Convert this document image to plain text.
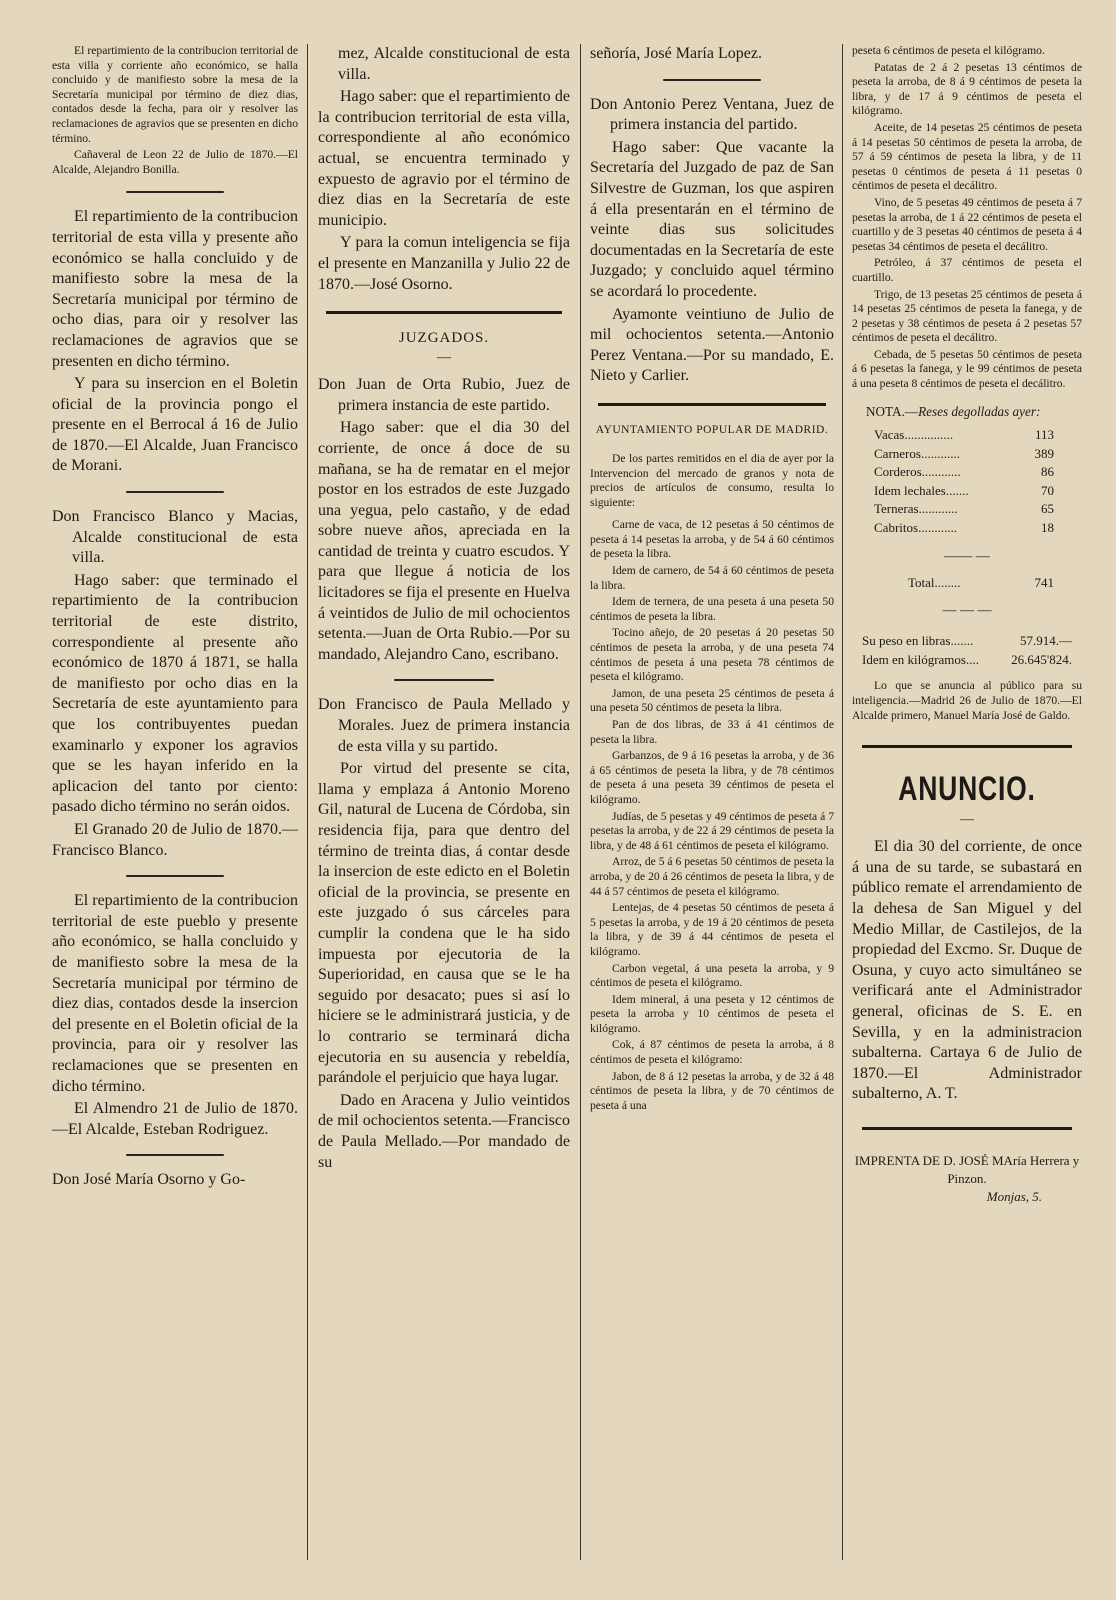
El repartimiento de la contribucion territorial de esta villa y corriente año económico, se halla concluido y de manifiesto sobre la mesa de la Secretaría municipal por término de diez dias, contados desde la fecha, para oir y resolver las reclamaciones de agravios que se presenten en dicho término.

Cañaveral de Leon 22 de Julio de 1870.—El Alcalde, Alejandro Bonilla.

El repartimiento de la contribucion territorial de esta villa y presente año económico se halla concluido y de manifiesto sobre la mesa de la Secretaría municipal por término de ocho dias, para oir y resolver las reclamaciones de agravios que se presenten en dicho término.

Y para su insercion en el Boletin oficial de la provincia pongo el presente en el Berrocal á 16 de Julio de 1870.—El Alcalde, Juan Francisco de Morani.

Don Francisco Blanco y Macias, Alcalde constitucional de esta villa.

Hago saber: que terminado el repartimiento de la contribucion territorial de este distrito, correspondiente al presente año económico de 1870 á 1871, se halla de manifiesto por ocho dias en la Secretaría de este ayuntamiento para que los contribuyentes puedan examinarlo y exponer los agravios que se les hayan inferido en la aplicacion del tanto por ciento: pasado dicho término no serán oidos.

El Granado 20 de Julio de 1870.—Francisco Blanco.

El repartimiento de la contribucion territorial de este pueblo y presente año económico, se halla concluido y de manifiesto sobre la mesa de la Secretaría municipal por término de diez dias, contados desde la insercion del presente en el Boletin oficial de la provincia, para oir y resolver las reclamaciones que se presenten en dicho término.

El Almendro 21 de Julio de 1870.—El Alcalde, Esteban Rodriguez.

Don José María Osorno y Go-

mez, Alcalde constitucional de esta villa.

Hago saber: que el repartimiento de la contribucion territorial de esta villa, correspondiente al año económico actual, se encuentra terminado y expuesto de agravio por el término de diez dias en la Secretaría de este municipio.

Y para la comun inteligencia se fija el presente en Manzanilla y Julio 22 de 1870.—José Osorno.

JUZGADOS.
—

Don Juan de Orta Rubio, Juez de primera instancia de este partido.

Hago saber: que el dia 30 del corriente, de once á doce de su mañana, se ha de rematar en el mejor postor en los estrados de este Juzgado una yegua, pelo castaño, y de edad sobre nueve años, apreciada en la cantidad de treinta y cuatro escudos. Y para que llegue á noticia de los licitadores se fija el presente en Huelva á veintidos de Julio de mil ochocientos setenta.—Juan de Orta Rubio.—Por su mandado, Alejandro Cano, escribano.

Don Francisco de Paula Mellado y Morales. Juez de primera instancia de esta villa y su partido.

Por virtud del presente se cita, llama y emplaza á Antonio Moreno Gil, natural de Lucena de Córdoba, sin residencia fija, para que dentro del término de treinta dias, á contar desde la insercion de este edicto en el Boletin oficial de la provincia, se presente en este juzgado ó sus cárceles para cumplir la condena que le ha sido impuesta por ejecutoria de la Superioridad, en causa que se le ha seguido por desacato; pues si así lo hiciere se le administrará justicia, y de lo contrario se terminará dicha ejecutoria en su ausencia y rebeldía, parándole el perjuicio que haya lugar.

Dado en Aracena y Julio veintidos de mil ochocientos setenta.—Francisco de Paula Mellado.—Por mandado de su

señoría, José María Lopez.

Don Antonio Perez Ventana, Juez de primera instancia del partido.

Hago saber: Que vacante la Secretaría del Juzgado de paz de San Silvestre de Guzman, los que aspiren á ella presentarán en el término de veinte dias sus solicitudes documentadas en la Secretaría de este Juzgado; y concluido aquel término se acordará lo procedente.

Ayamonte veintiuno de Julio de mil ochocientos setenta.—Antonio Perez Ventana.—Por su mandado, E. Nieto y Carlier.

AYUNTAMIENTO POPULAR DE MADRID.

De los partes remitidos en el dia de ayer por la Intervencion del mercado de granos y nota de precios de artículos de consumo, resulta lo siguiente:

Carne de vaca, de 12 pesetas á 50 céntimos de peseta á 14 pesetas la arroba, y de 54 á 60 céntimos de peseta la libra.

Idem de carnero, de 54 á 60 céntimos de peseta la libra.

Idem de ternera, de una peseta á una peseta 50 céntimos de peseta la libra.

Tocino añejo, de 20 pesetas á 20 pesetas 50 céntimos de peseta la arroba, y de una peseta 74 céntimos de peseta á una peseta 78 céntimos de peseta el kilógramo.

Jamon, de una peseta 25 céntimos de peseta á una peseta 50 céntimos de peseta la libra.

Pan de dos libras, de 33 á 41 céntimos de peseta la libra.

Garbanzos, de 9 á 16 pesetas la arroba, y de 36 á 65 céntimos de peseta la libra, y de 78 céntimos de peseta á una peseta 39 céntimos de peseta el kilógramo.

Judías, de 5 pesetas y 49 céntimos de peseta á 7 pesetas la arroba, y de 22 á 29 céntimos de peseta la libra, y de 48 á 61 céntimos de peseta el kilógramo.

Arroz, de 5 á 6 pesetas 50 céntimos de peseta la arroba, y de 20 á 26 céntimos de peseta la libra, y de 44 á 57 céntimos de peseta el kilógramo.

Lentejas, de 4 pesetas 50 céntimos de peseta á 5 pesetas la arroba, y de 19 á 20 céntimos de peseta la libra, y de 39 á 44 céntimos de peseta el kilógramo.

Carbon vegetal, á una peseta la arroba, y 9 céntimos de peseta el kilógramo.

Idem mineral, á una peseta y 12 céntimos de peseta la arroba y 10 céntimos de peseta el kilógramo.

Cok, á 87 céntimos de peseta la arroba, á 8 céntimos de peseta el kilógramo:

Jabon, de 8 á 12 pesetas la arroba, y de 32 á 48 céntimos de peseta la libra, y de 70 céntimos de peseta á una

peseta 6 céntimos de peseta el kilógramo.

Patatas de 2 á 2 pesetas 13 céntimos de peseta la arroba, de 8 á 9 céntimos de peseta la libra, y de 17 á 9 céntimos de peseta el kilógramo.

Aceite, de 14 pesetas 25 céntimos de peseta á 14 pesetas 50 céntimos de peseta la arroba, de 57 á 59 céntimos de peseta la libra, y de 11 pesetas 0 céntimos de peseta á 11 pesetas 0 céntimos de peseta el decálitro.

Vino, de 5 pesetas 49 céntimos de peseta á 7 pesetas la arroba, de 1 á 22 céntimos de peseta el cuartillo y de 3 pesetas 40 céntimos de peseta á 4 pesetas 34 céntimos de peseta el decálitro.

Petróleo, á 37 céntimos de peseta el cuartillo.

Trigo, de 13 pesetas 25 céntimos de peseta á 14 pesetas 25 céntimos de peseta la fanega, y de 2 pesetas y 38 céntimos de peseta á 2 pesetas 57 céntimos de peseta el decálitro.

Cebada, de 5 pesetas 50 céntimos de peseta á 6 pesetas la fanega, y le 99 céntimos de peseta á una peseta 8 céntimos de peseta el decálitro.

NOTA.—Reses degolladas ayer:

Vacas...............	113
Carneros............	389
Corderos............	86
Idem lechales.......	70
Terneras............	65
Cabritos............	18
—— —
Total........	741
— — —
Su peso en libras.......	57.914.—
Idem en kilógramos....	26.645'824.

Lo que se anuncia al público para su inteligencia.—Madrid 26 de Julio de 1870.—El Alcalde primero, Manuel María José de Galdo.

ANUNCIO.
—

El dia 30 del corriente, de once á una de su tarde, se subastará en público remate el arrendamiento de la dehesa de San Miguel y del Medio Millar, de Castilejos, de la propiedad del Excmo. Sr. Duque de Osuna, y cuyo acto simultáneo se verificará ante el Administrador general, oficinas de S. E. en Sevilla, y en la administracion subalterna. Cartaya 6 de Julio de 1870.—El Administrador subalterno, A. T.

IMPRENTA DE D. JOSÉ MAría Herrera y Pinzon.
Monjas, 5.
